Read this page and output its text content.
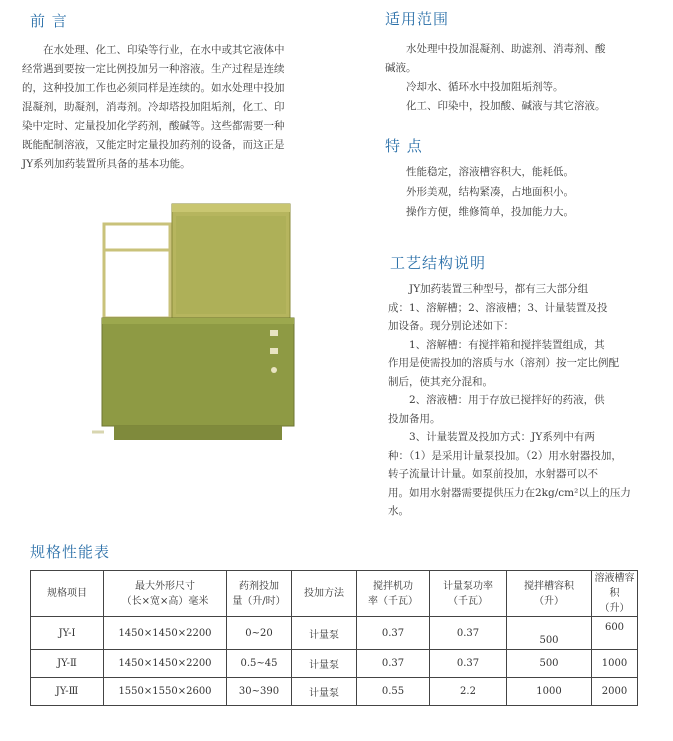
前 言

在水处理、化工、印染等行业，在水中或其它液体中

经常遇到要按一定比例投加另一种溶液。生产过程是连续

的，这种投加工作也必须同样是连续的。如水处理中投加

混凝剂，助凝剂，消毒剂。冷却塔投加阻垢剂，化工、印

染中定时、定量投加化学药剂，酸碱等。这些都需要一种

既能配制溶液，又能定时定量投加药剂的设备，而这正是

JY系列加药装置所具备的基本功能。

适用范围

水处理中投加混凝剂、助滤剂、消毒剂、酸

碱液。

冷却水、循环水中投加阻垢剂等。

化工、印染中，投加酸、碱液与其它溶液。

特 点

性能稳定，溶液槽容积大，能耗低。

外形美观，结构紧凑，占地面积小。

操作方便，维修简单，投加能力大。

工艺结构说明

JY加药装置三种型号，都有三大部分组

成：1、溶解槽；2、溶液槽；3、计量装置及投

加设备。现分别论述如下：

1、溶解槽：有搅拌箱和搅拌装置组成，其

作用是使需投加的溶质与水（溶剂）按一定比例配

制后，使其充分混和。

2、溶液槽：用于存放已搅拌好的药液，供

投加备用。

3、计量装置及投加方式：JY系列中有两

种：（1）是采用计量泵投加。（2）用水射器投加，

转子流量计计量。如泵前投加，水射器可以不

用。如用水射器需要提供压力在2kg/cm²以上的压力

水。

规格性能表
规格项目	最大外形尺寸
（长×宽×高）毫米	药剂投加
量（升/时）	投加方法	搅拌机功
率（千瓦）	计量泵功率
（千瓦）	搅拌槽容积
（升）	溶液槽容积
（升）
JY-Ⅰ	1450×1450×2200	0~20	计量泵	0.37	0.37	500	600
JY-Ⅱ	1450×1450×2200	0.5~45	计量泵	0.37	0.37	500	1000
JY-Ⅲ	1550×1550×2600	30~390	计量泵	0.55	2.2	1000	2000
